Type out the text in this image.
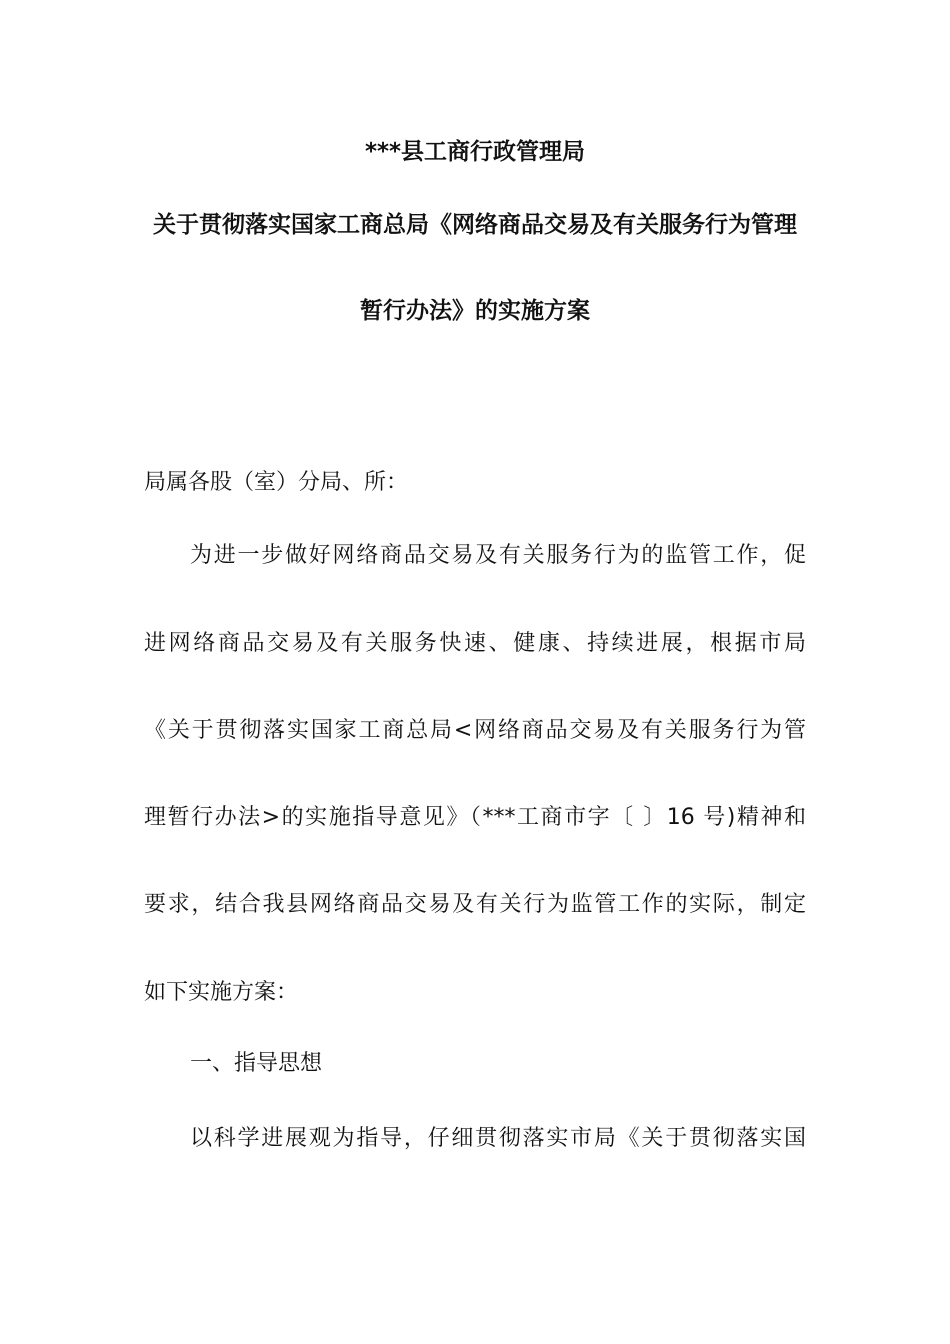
***县工商行政管理局
关于贯彻落实国家工商总局《网络商品交易及有关服务行为管理
暂行办法》的实施方案
局属各股（室）分局、所：
为进一步做好网络商品交易及有关服务行为的监管工作，促
进网络商品交易及有关服务快速、健康、持续进展，根据市局
《关于贯彻落实国家工商总局<网络商品交易及有关服务行为管
理暂行办法>的实施指导意见》（***工商市字〔 〕16 号)精神和
要求，结合我县网络商品交易及有关行为监管工作的实际，制定
如下实施方案：
一、指导思想
以科学进展观为指导，仔细贯彻落实市局《关于贯彻落实国
